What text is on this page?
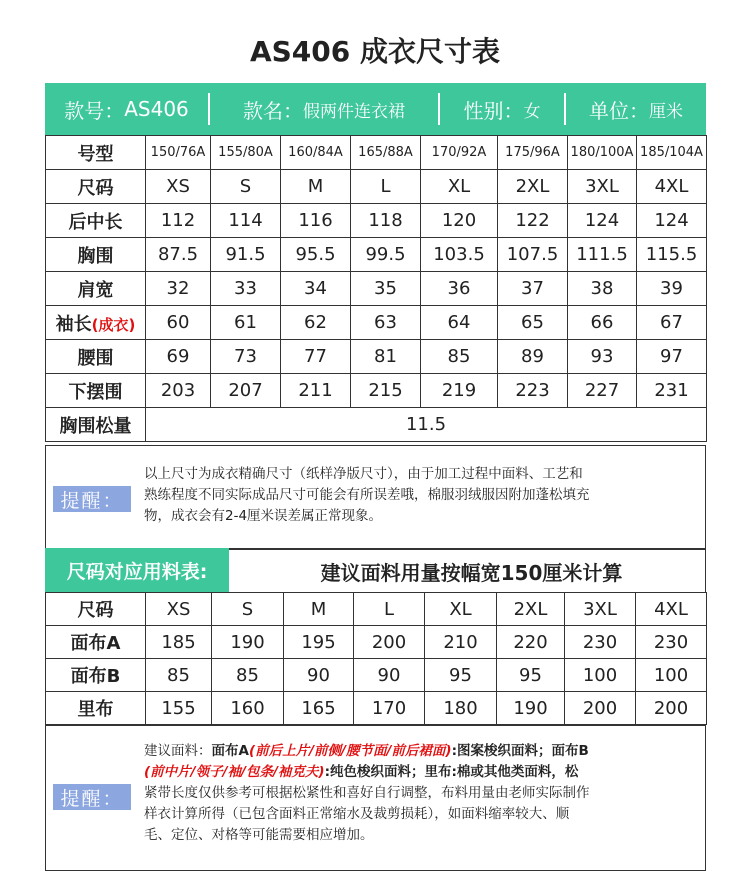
AS406 成衣尺寸表
款号： AS406	款名： 假两件连衣裙	性别： 女 单位： 厘米
号型	150/76A	155/80A	160/84A	165/88A	170/92A	175/96A	180/100A	185/104A
尺码	XS	S	M	L	XL	2XL	3XL	4XL
后中长	112	114	116	118	120	122	124	124
胸围	87.5	91.5	95.5	99.5	103.5	107.5	111.5	115.5
肩宽	32	33	34	35	36	37	38	39
袖长(成衣)	60	61	62	63	64	65	66	67
腰围	69	73	77	81	85	89	93	97
下摆围	203	207	211	215	219	223	227	231
胸围松量	11.5							
提醒：
以上尺寸为成衣精确尺寸（纸样净版尺寸），由于加工过程中面料、工艺和
熟练程度不同实际成品尺寸可能会有所误差哦，棉服羽绒服因附加蓬松填充
物，成衣会有2-4厘米误差属正常现象。
尺码对应用料表:	建议面料用量按幅宽150厘米计算
尺码	XS	S	M	L	XL	2XL	3XL	4XL
面布A	185	190	195	200	210	220	230	230
面布B	85	85	90	90	95	95	100	100
里布	155	160	165	170	180	190	200	200
提醒：
建议面料：面布A(前后上片/前侧/腰节面/前后裙面):图案梭织面料；面布B
(前中片/领子/袖/包条/袖克夫):纯色梭织面料；里布:棉或其他类面料，松
紧带长度仅供参考可根据松紧性和喜好自行调整，布料用量由老师实际制作
样衣计算所得（已包含面料正常缩水及裁剪损耗），如面料缩率较大、顺
毛、定位、对格等可能需要相应增加。
